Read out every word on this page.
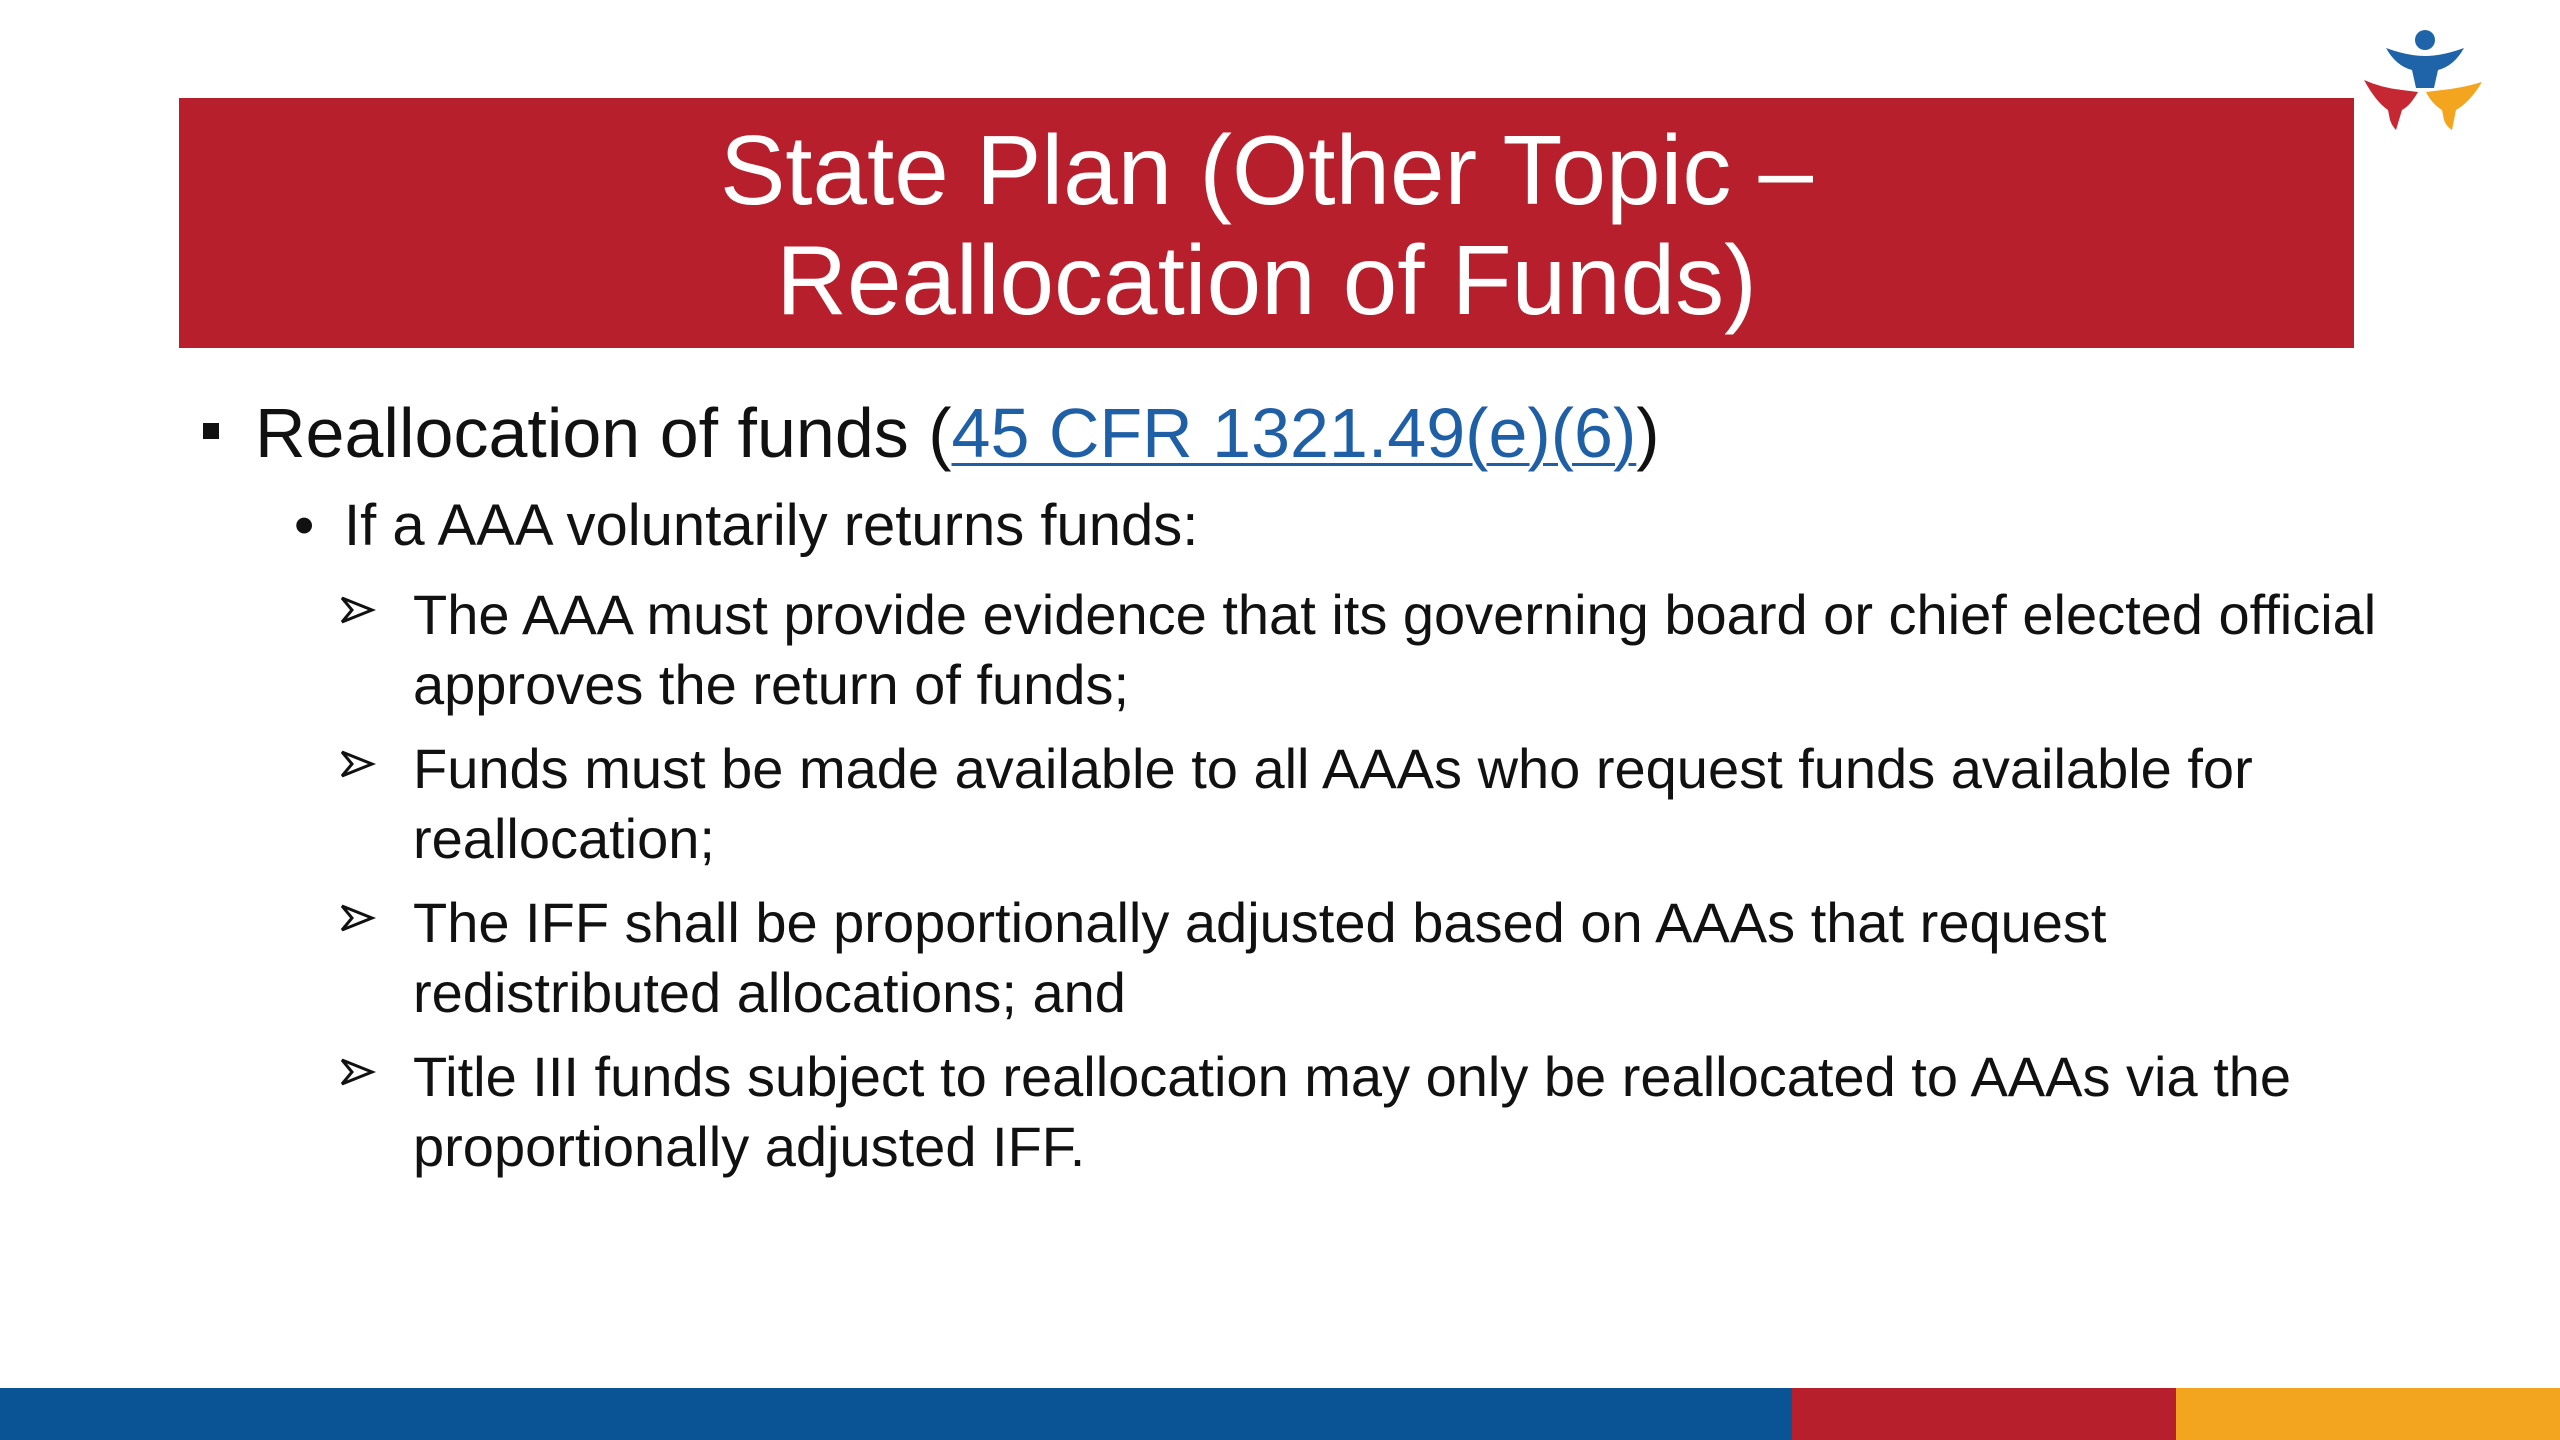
State Plan (Other Topic –
Reallocation of Funds)
Reallocation of funds (45 CFR 1321.49(e)(6))
• If a AAA voluntarily returns funds:
The AAA must provide evidence that its governing board or chief elected official approves the return of funds;
Funds must be made available to all AAAs who request funds available for reallocation;
The IFF shall be proportionally adjusted based on AAAs that request redistributed allocations; and
Title III funds subject to reallocation may only be reallocated to AAAs via the proportionally adjusted IFF.
